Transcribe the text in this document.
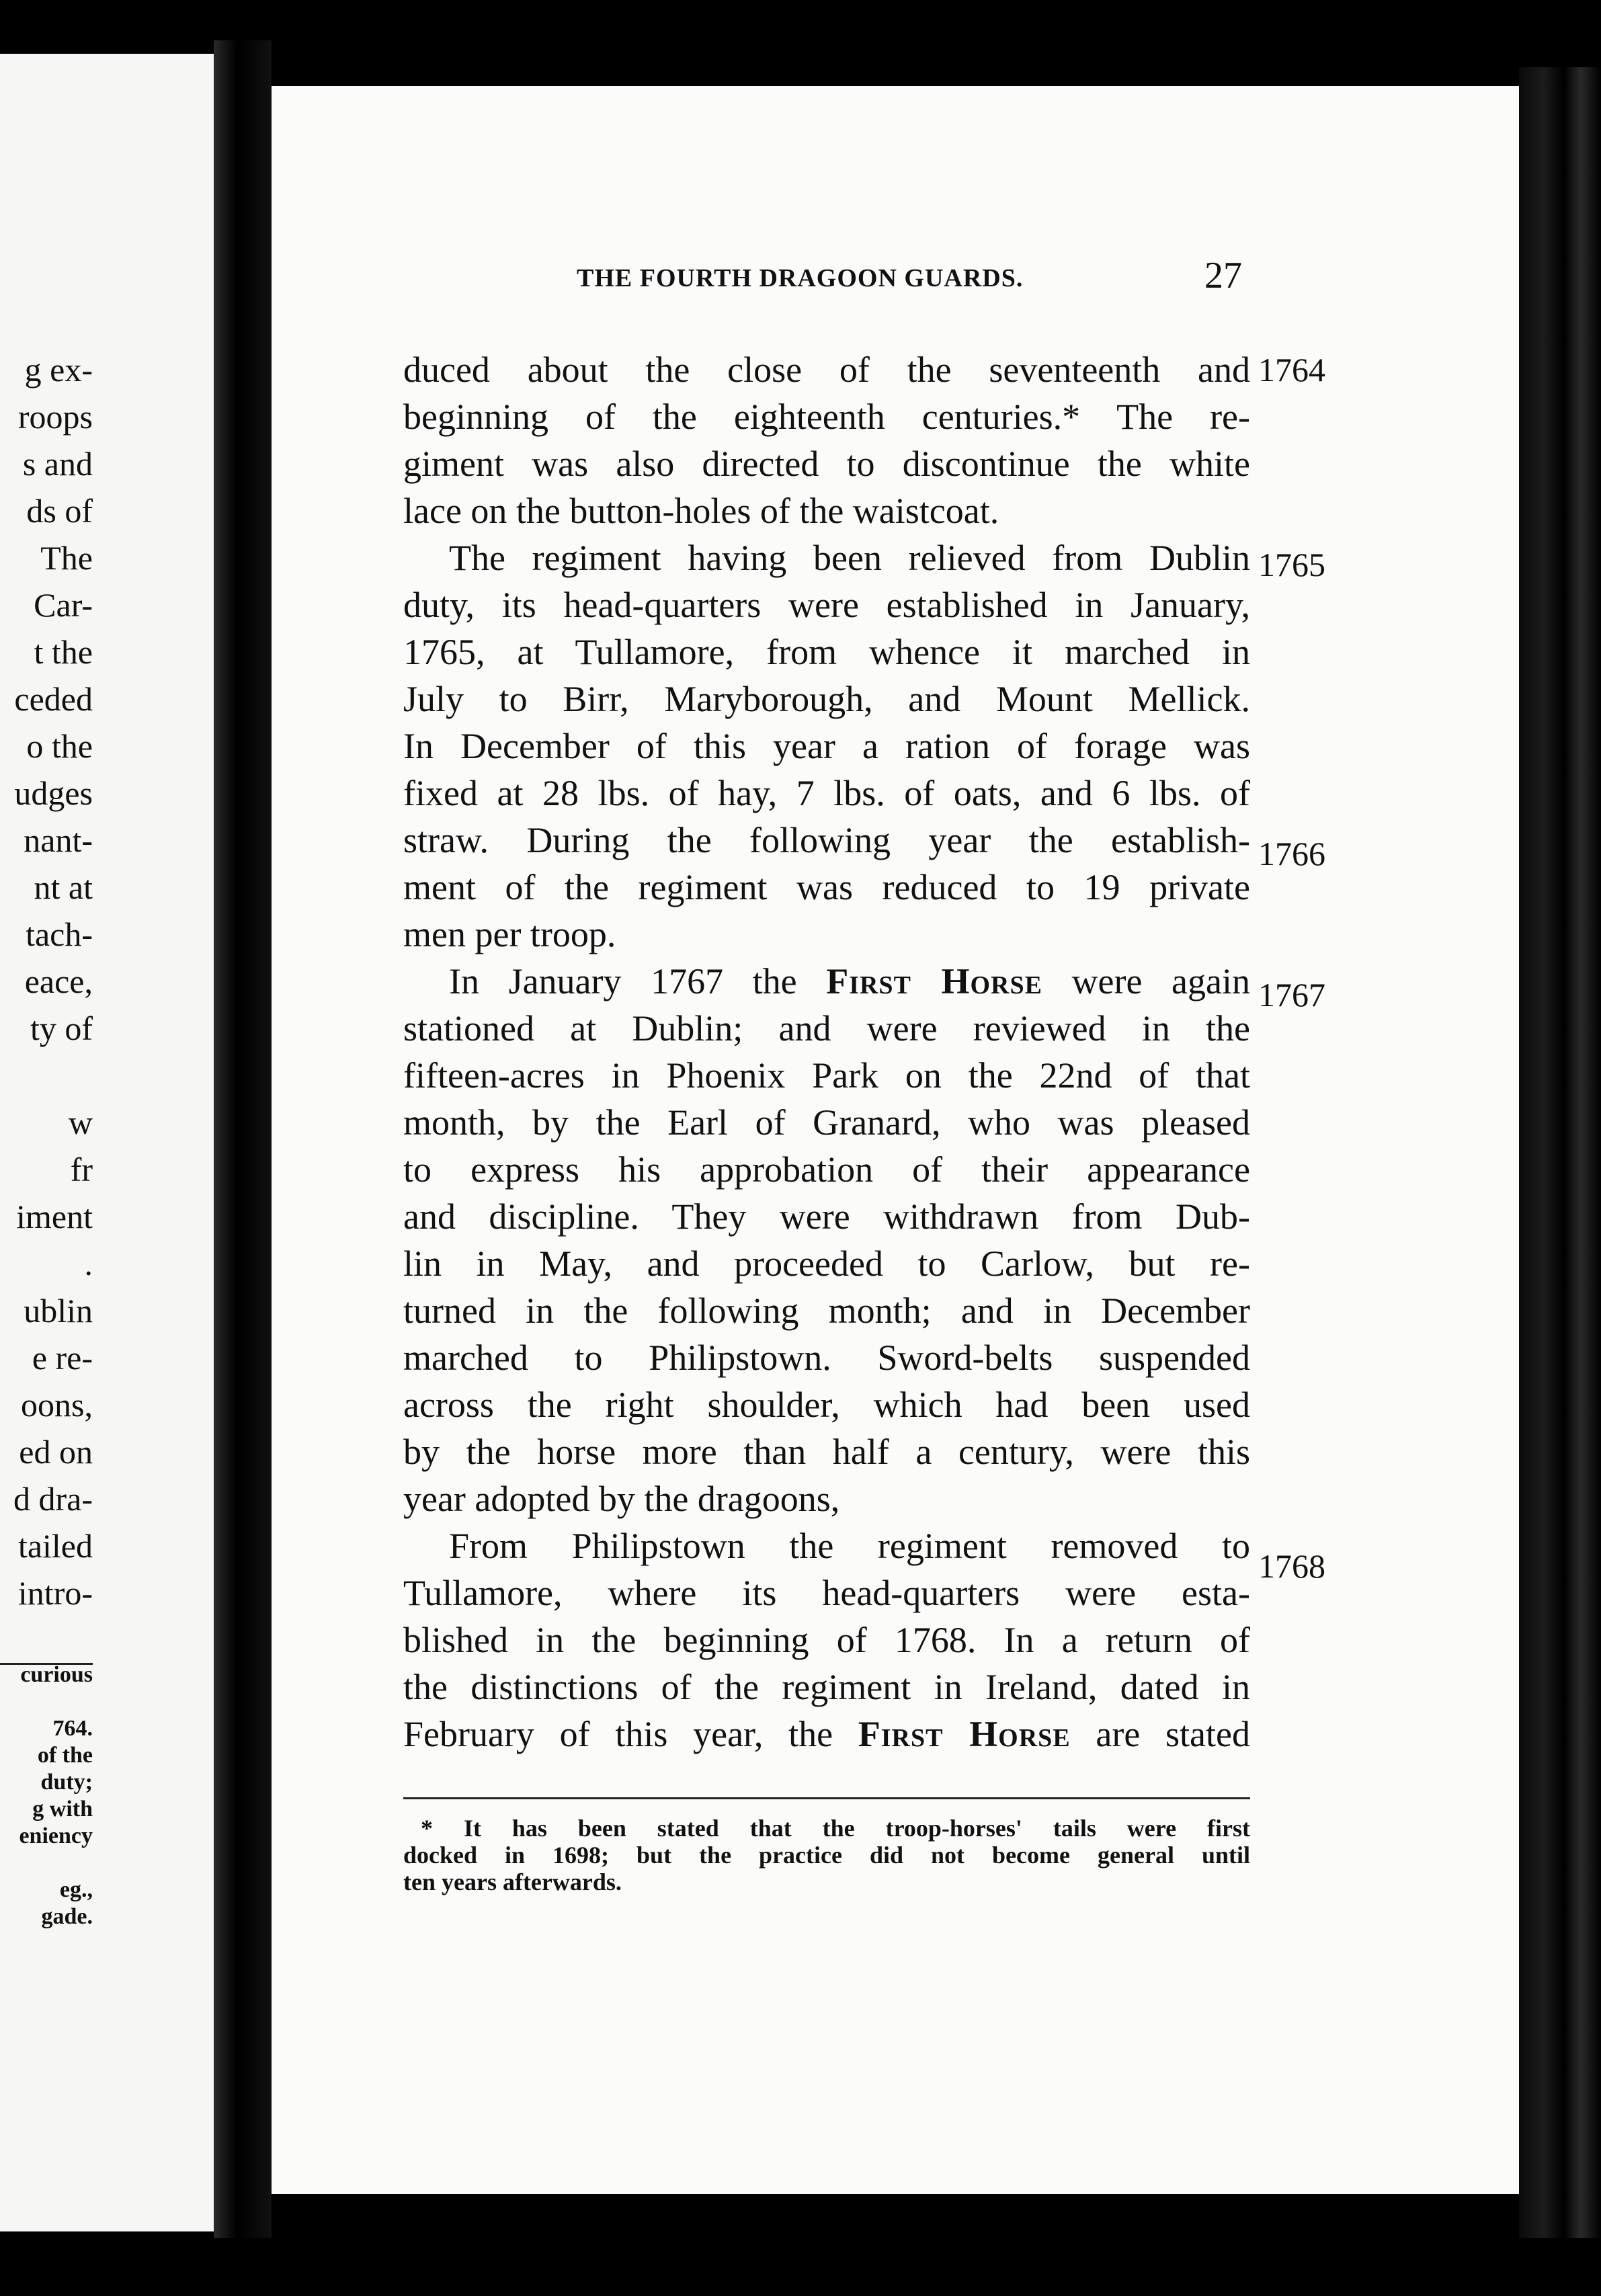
g ex-
roops
s and
ds of
The
Car-
t the
ceded
o the
udges
nant-
nt at
tach-
eace,
ty of
w
fr
iment
.
ublin
e re-
oons,
ed on
d dra-
tailed
intro-
curious
764.
of the
duty;
g with
eniency
eg.,
gade.
THE FOURTH DRAGOON GUARDS.	27
duced about the close of the seventeenth and
beginning of the eighteenth centuries.* The re-
giment was also directed to discontinue the white
lace on the button-holes of the waistcoat.
The regiment having been relieved from Dublin
duty, its head-quarters were established in January,
1765, at Tullamore, from whence it marched in
July to Birr, Maryborough, and Mount Mellick.
In December of this year a ration of forage was
fixed at 28 lbs. of hay, 7 lbs. of oats, and 6 lbs. of
straw. During the following year the establish-
ment of the regiment was reduced to 19 private
men per troop.
In January 1767 the First Horse were again
stationed at Dublin; and were reviewed in the
fifteen-acres in Phoenix Park on the 22nd of that
month, by the Earl of Granard, who was pleased
to express his approbation of their appearance
and discipline. They were withdrawn from Dub-
lin in May, and proceeded to Carlow, but re-
turned in the following month; and in December
marched to Philipstown. Sword-belts suspended
across the right shoulder, which had been used
by the horse more than half a century, were this
year adopted by the dragoons,
From Philipstown the regiment removed to
Tullamore, where its head-quarters were esta-
blished in the beginning of 1768. In a return of
the distinctions of the regiment in Ireland, dated in
February of this year, the First Horse are stated
1764
1765
1766
1767
1768
* It has been stated that the troop-horses' tails were first
docked in 1698; but the practice did not become general until
ten years afterwards.
